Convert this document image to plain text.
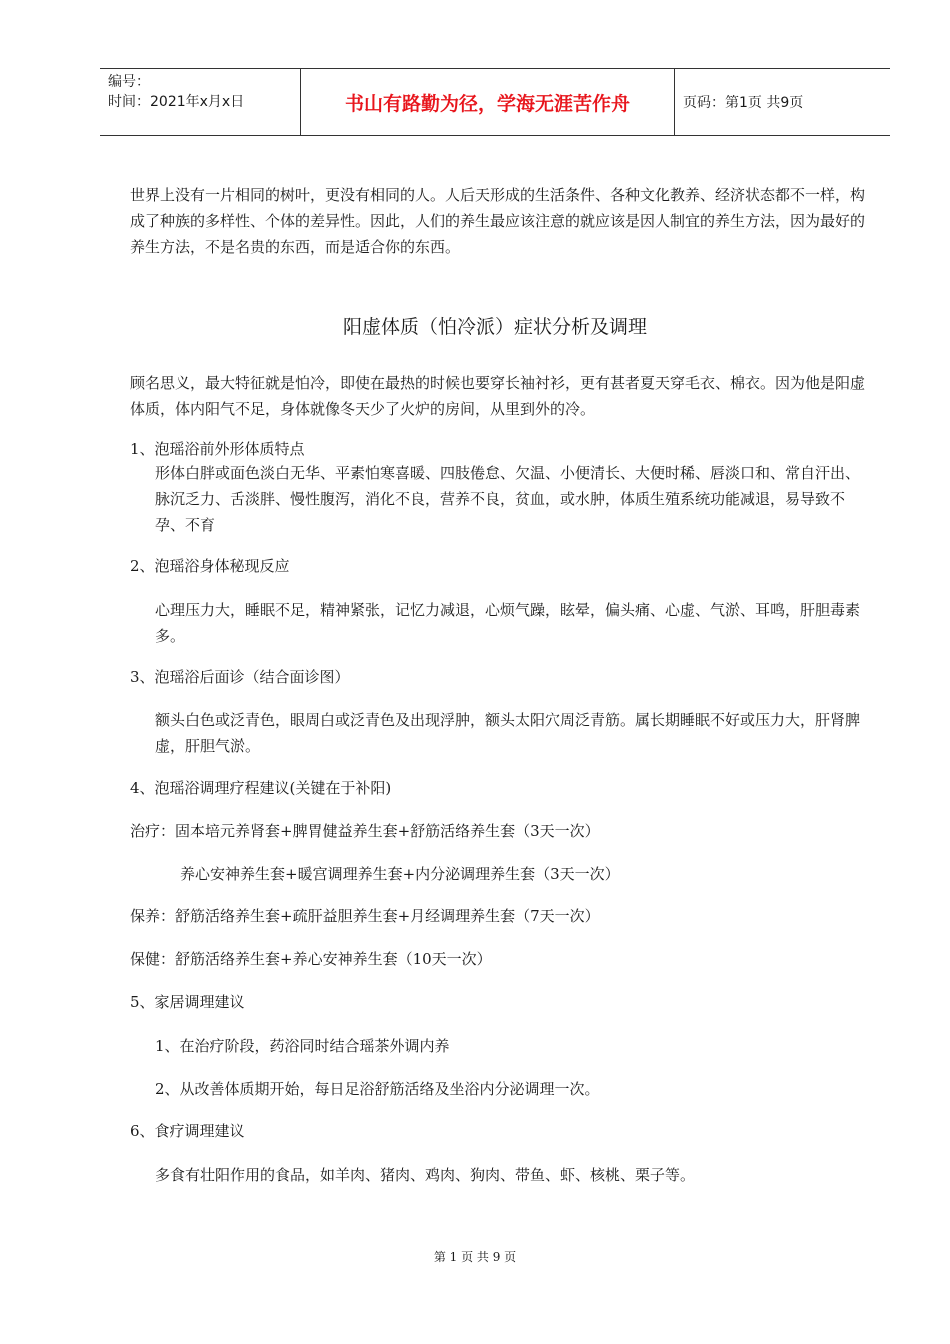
编号：
时间：2021年x月x日	书山有路勤为径，学海无涯苦作舟	页码：第1页 共9页

世界上没有一片相同的树叶，更没有相同的人。人后天形成的生活条件、各种文化教养、经济状态都不一样，构成了种族的多样性、个体的差异性。因此，人们的养生最应该注意的就应该是因人制宜的养生方法，因为最好的养生方法，不是名贵的东西，而是适合你的东西。

阳虚体质（怕冷派）症状分析及调理

顾名思义，最大特征就是怕冷，即使在最热的时候也要穿长袖衬衫，更有甚者夏天穿毛衣、棉衣。因为他是阳虚体质，体内阳气不足，身体就像冬天少了火炉的房间，从里到外的冷。

1、泡瑶浴前外形体质特点

形体白胖或面色淡白无华、平素怕寒喜暖、四肢倦怠、欠温、小便清长、大便时稀、唇淡口和、常自汗出、脉沉乏力、舌淡胖、慢性腹泻，消化不良，营养不良，贫血，或水肿，体质生殖系统功能减退，易导致不孕、不育

2、泡瑶浴身体秘现反应

心理压力大，睡眠不足，精神紧张，记忆力减退，心烦气躁，眩晕，偏头痛、心虚、气淤、耳鸣，肝胆毒素多。

3、泡瑶浴后面诊（结合面诊图）

额头白色或泛青色，眼周白或泛青色及出现浮肿，额头太阳穴周泛青筋。属长期睡眠不好或压力大，肝肾脾虚，肝胆气淤。

4、泡瑶浴调理疗程建议(关键在于补阳)

治疗：固本培元养肾套+脾胃健益养生套+舒筋活络养生套（3天一次）

养心安神养生套+暖宫调理养生套+内分泌调理养生套（3天一次）

保养：舒筋活络养生套+疏肝益胆养生套+月经调理养生套（7天一次）

保健：舒筋活络养生套+养心安神养生套（10天一次）

5、家居调理建议

1、在治疗阶段，药浴同时结合瑶茶外调内养

2、从改善体质期开始，每日足浴舒筋活络及坐浴内分泌调理一次。

6、食疗调理建议

多食有壮阳作用的食品，如羊肉、猪肉、鸡肉、狗肉、带鱼、虾、核桃、栗子等。

第 1 页 共 9 页
